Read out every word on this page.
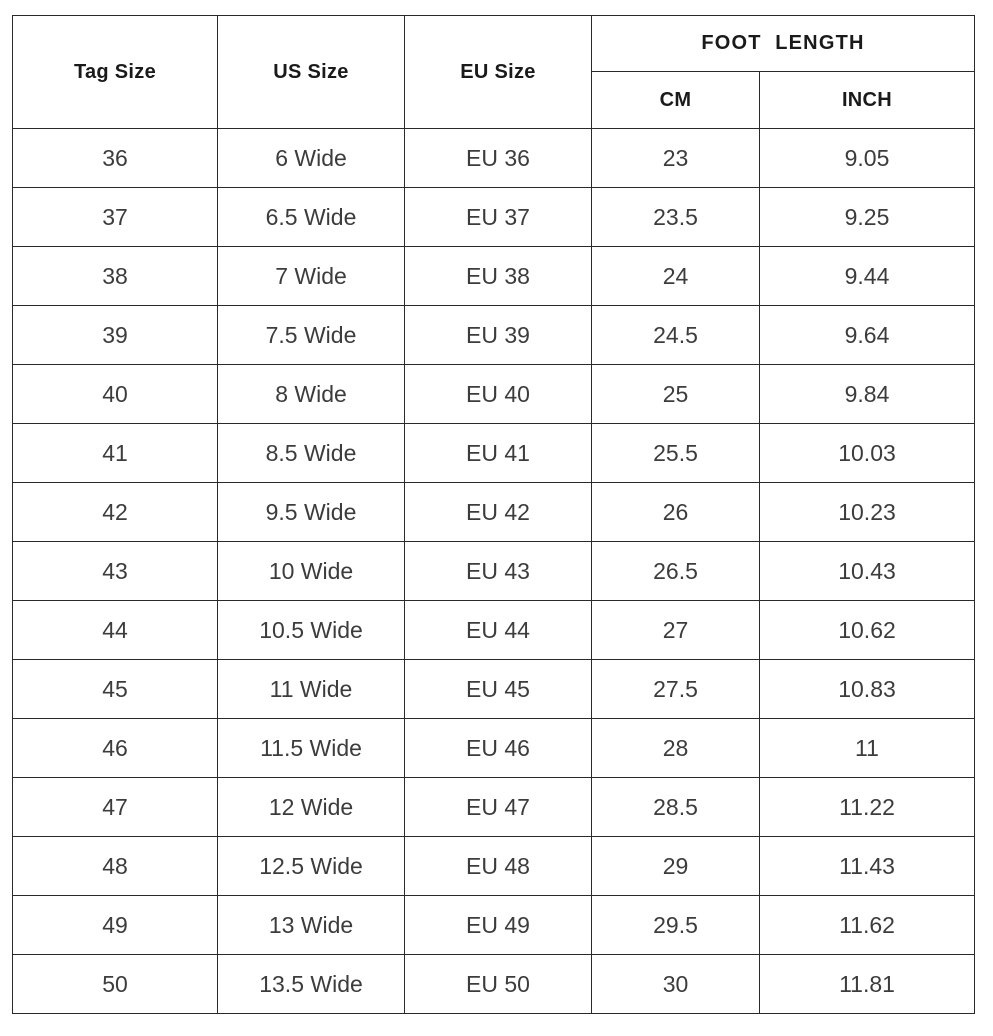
Tag Size	US Size	EU Size	FOOT  LENGTH	
			CM	INCH
36	6 Wide	EU 36	23	9.05
37	6.5 Wide	EU 37	23.5	9.25
38	7 Wide	EU 38	24	9.44
39	7.5 Wide	EU 39	24.5	9.64
40	8 Wide	EU 40	25	9.84
41	8.5 Wide	EU 41	25.5	10.03
42	9.5 Wide	EU 42	26	10.23
43	10 Wide	EU 43	26.5	10.43
44	10.5 Wide	EU 44	27	10.62
45	11 Wide	EU 45	27.5	10.83
46	11.5 Wide	EU 46	28	11
47	12 Wide	EU 47	28.5	11.22
48	12.5 Wide	EU 48	29	11.43
49	13 Wide	EU 49	29.5	11.62
50	13.5 Wide	EU 50	30	11.81
